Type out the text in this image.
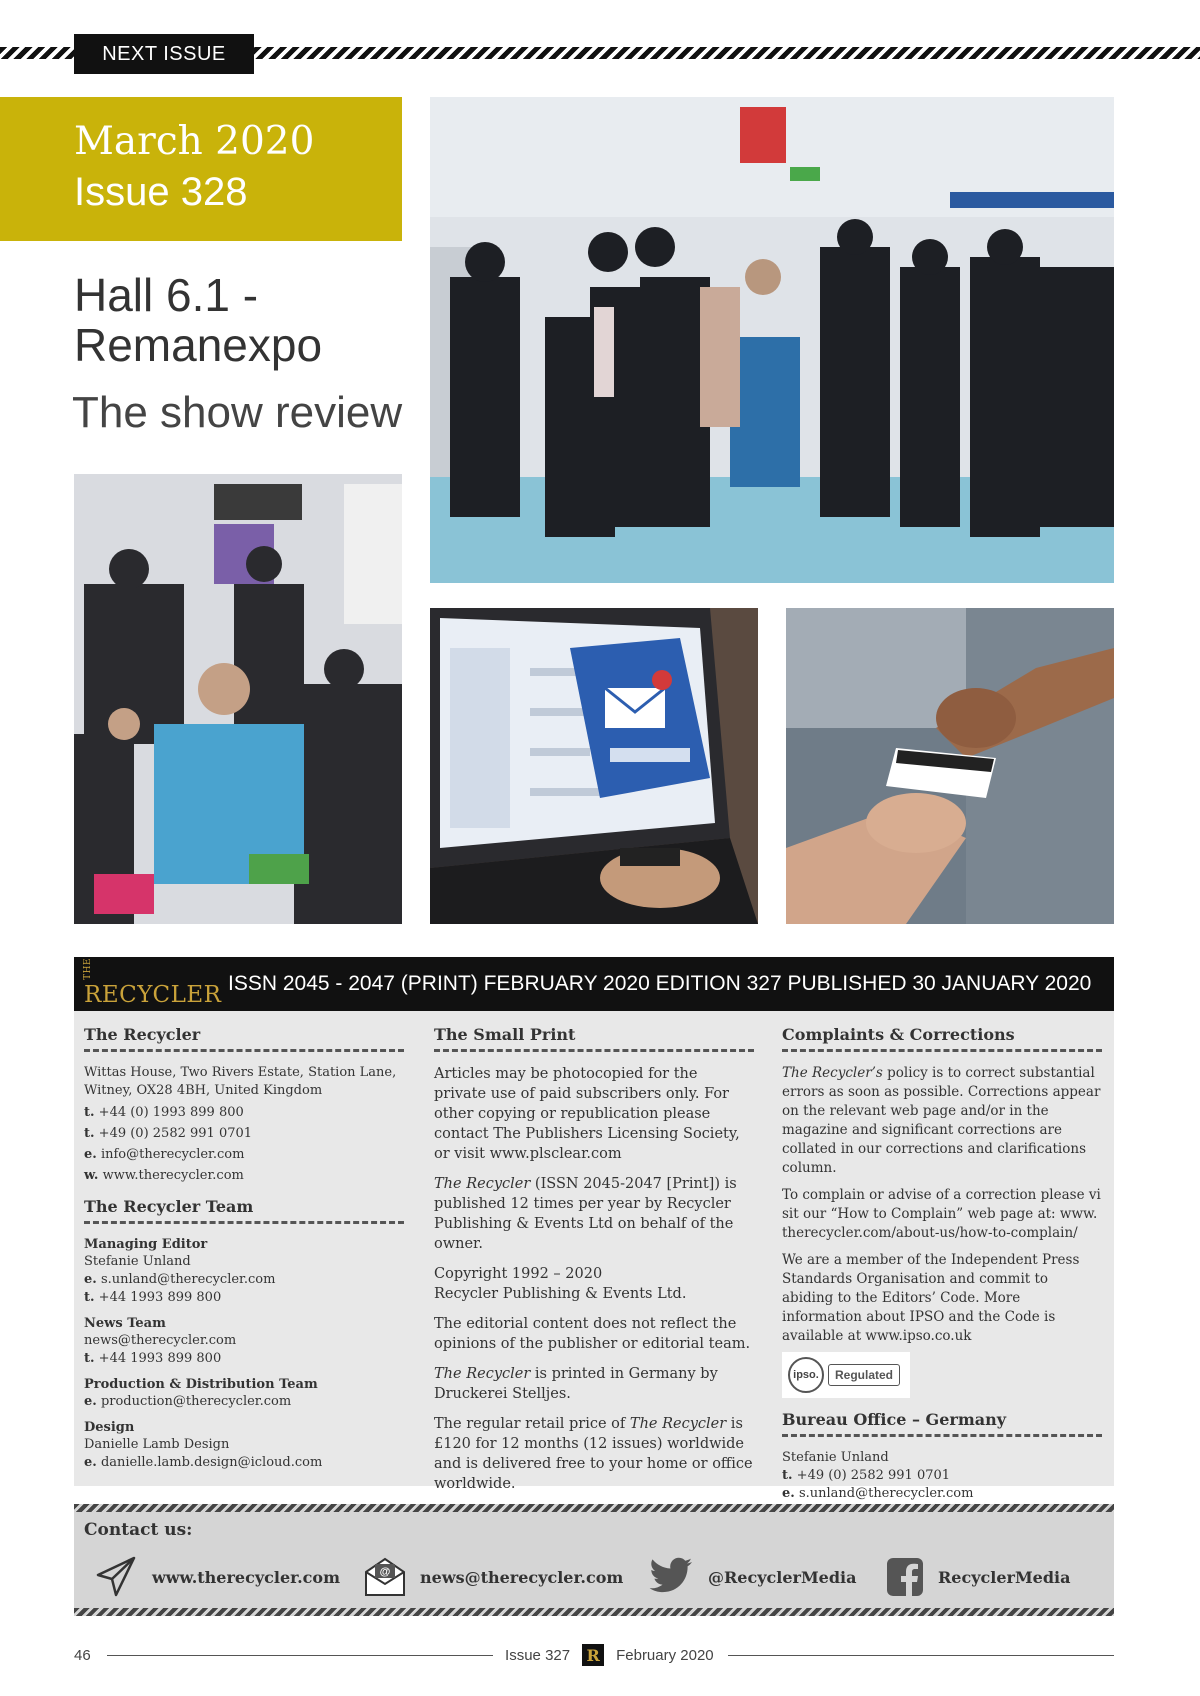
NEXT ISSUE
March 2020
Issue 328
Hall 6.1 - Remanexpo
The show review
THERECYCLER
ISSN 2045 - 2047 (PRINT) FEBRUARY 2020 EDITION 327 PUBLISHED 30 JANUARY 2020
The Recycler
Wittas House, Two Rivers Estate, Station Lane, Witney, OX28 4BH, United Kingdom
t. +44 (0) 1993 899 800
t. +49 (0) 2582 991 0701
e. info@therecycler.com
w. www.therecycler.com
The Recycler Team
Managing Editor
Stefanie Unland
e. s.unland@therecycler.com
t. +44 1993 899 800
News Team
news@therecycler.com
t. +44 1993 899 800
Production & Distribution Team
e. production@therecycler.com
Design
Danielle Lamb Design
e. danielle.lamb.design@icloud.com
The Small Print
Articles may be photocopied for the private use of paid subscribers only. For other copying or republication please contact The Publishers Licensing Society, or visit www.plsclear.com
The Recycler (ISSN 2045-2047 [Print]) is published 12 times per year by Recycler Publishing & Events Ltd on behalf of the owner.
Copyright 1992 – 2020
Recycler Publishing & Events Ltd.
The editorial content does not reflect the opinions of the publisher or editorial team.
The Recycler is printed in Germany by Druckerei Stelljes.
The regular retail price of The Recycler is £120 for 12 months (12 issues) worldwide and is delivered free to your home or office worldwide.
Complaints & Corrections
The Recycler’s policy is to correct substantial errors as soon as possible. Corrections appear on the relevant web page and/or in the magazine and significant corrections are collated in our corrections and clarifications column.
To complain or advise of a correction please visit our “How to Complain” web page at: www.therecycler.com/about-us/how-to-complain/
We are a member of the Independent Press Standards Organisation and commit to abiding to the Editors’ Code. More information about IPSO and the Code is available at www.ipso.co.uk
ipso.	Regulated
Bureau Office – Germany
Stefanie Unland
t. +49 (0) 2582 991 0701
e. s.unland@therecycler.com
Contact us:
www.therecycler.com	@ news@therecycler.com	@RecyclerMedia	RecyclerMedia
46	Issue 327 R February 2020
